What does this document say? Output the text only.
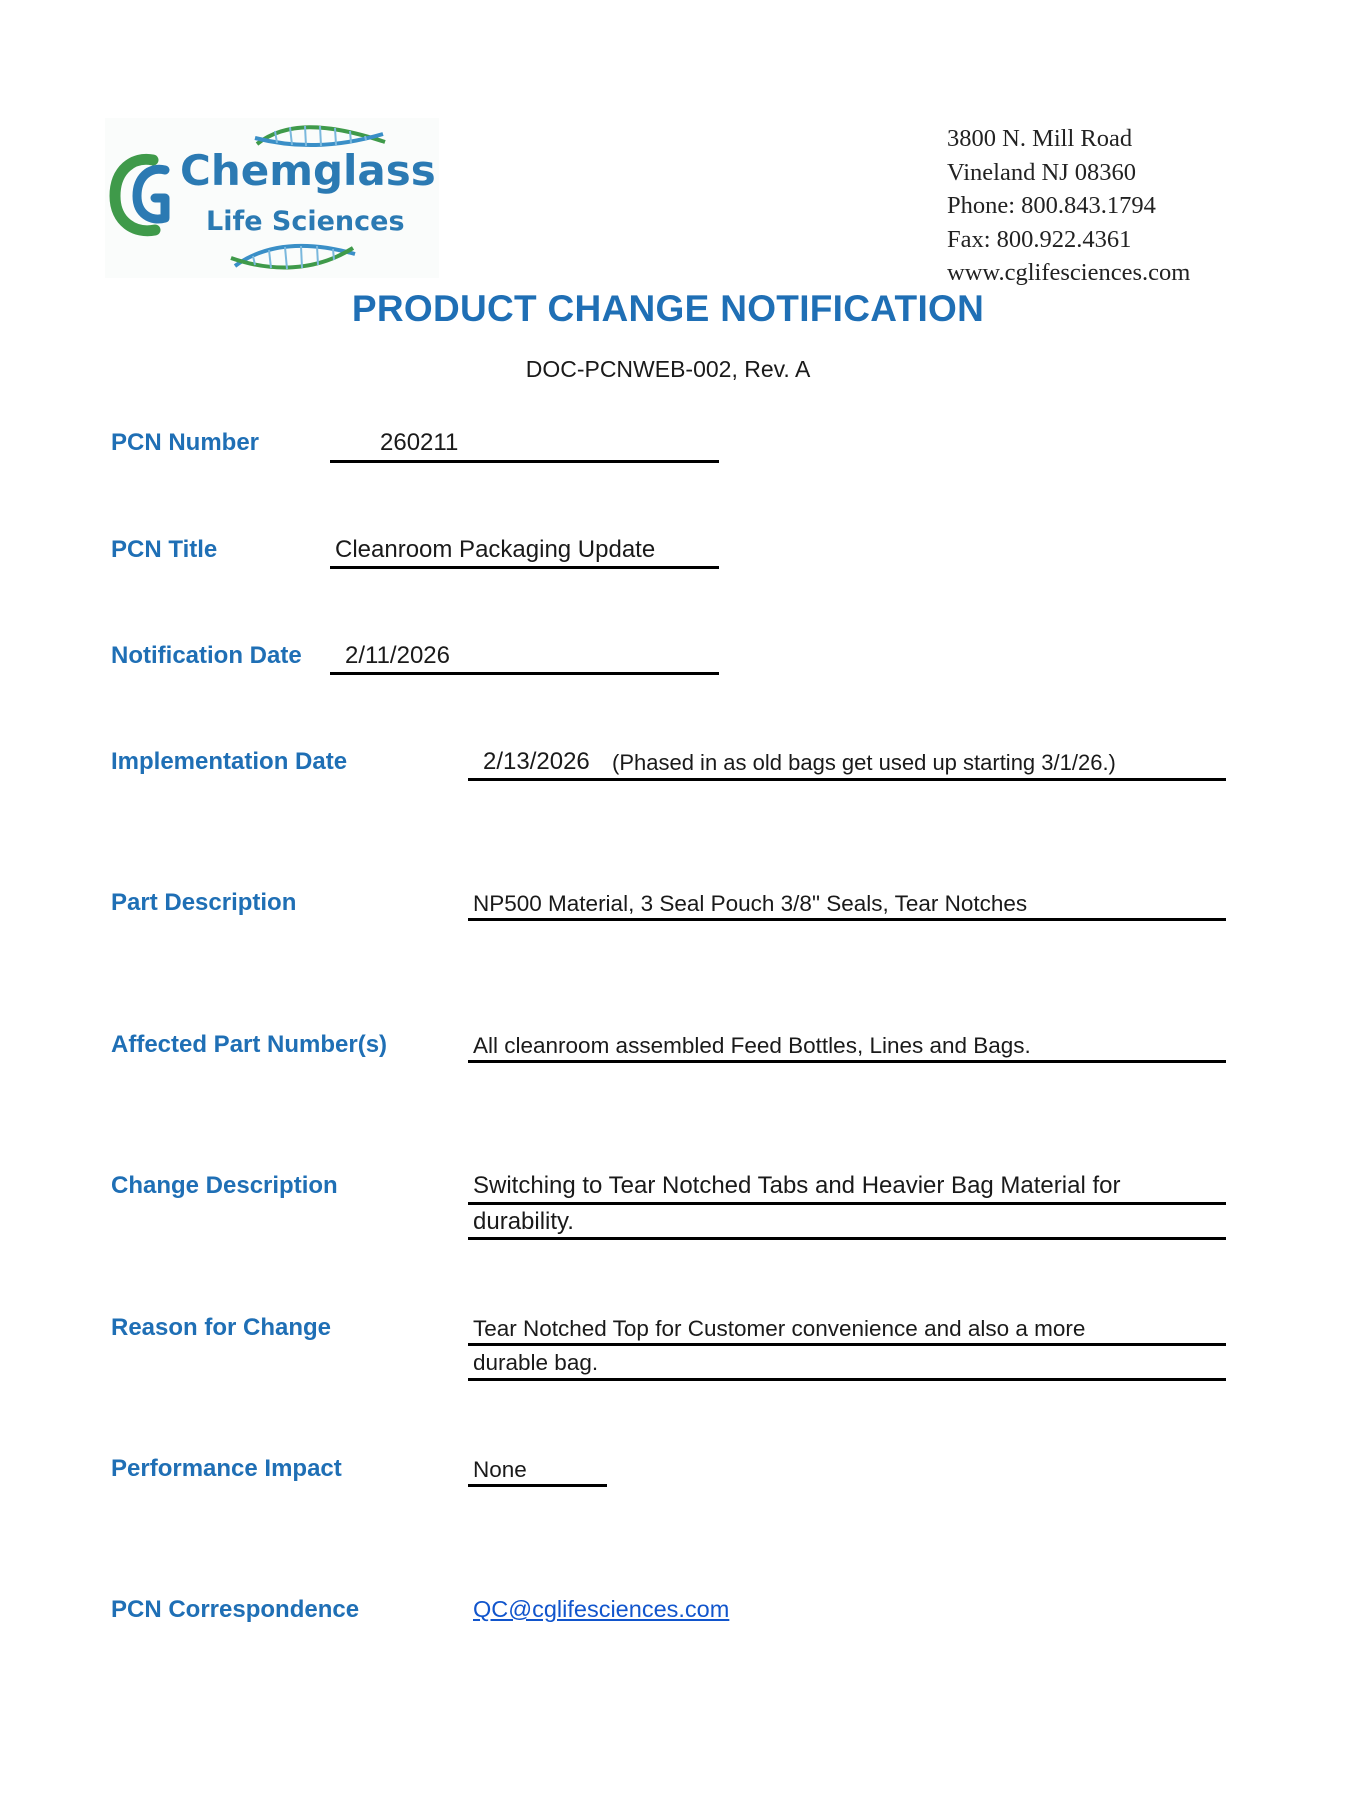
Chemglass
Life Sciences
3800 N. Mill Road
Vineland NJ 08360
Phone: 800.843.1794
Fax: 800.922.4361
www.cglifesciences.com
PRODUCT CHANGE NOTIFICATION
DOC-PCNWEB-002, Rev. A
PCN Number	260211
PCN Title	Cleanroom Packaging Update
Notification Date 2/11/2026
Implementation Date	2/13/2026 (Phased in as old bags get used up starting 3/1/26.)
Part Description	NP500 Material, 3 Seal Pouch 3/8" Seals, Tear Notches
Affected Part Number(s)	All cleanroom assembled Feed Bottles, Lines and Bags.
Change Description	Switching to Tear Notched Tabs and Heavier Bag Material for
durability.
Reason for Change	Tear Notched Top for Customer convenience and also a more
durable bag.
Performance Impact	None
PCN Correspondence	QC@cglifesciences.com
